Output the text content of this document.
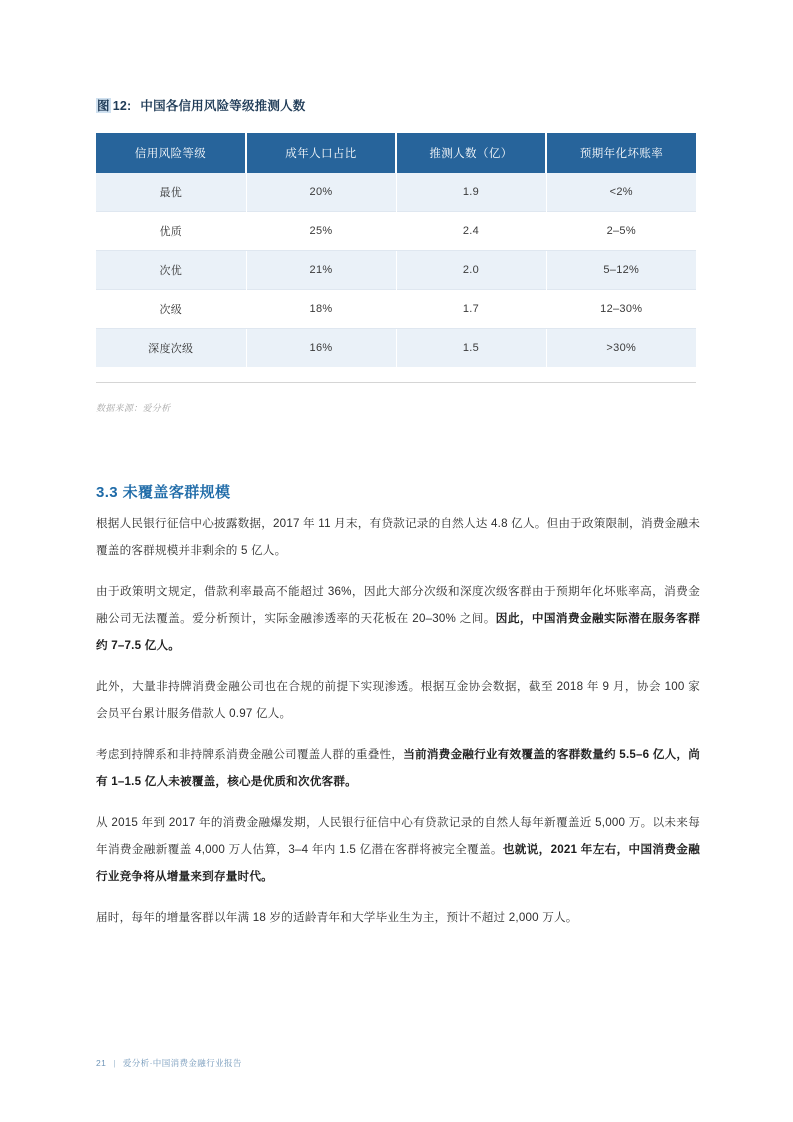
图 12: 中国各信用风险等级推测人数
信用风险等级	成年人口占比	推测人数（亿）	预期年化坏账率
最优	20%	1.9	<2%
优质	25%	2.4	2–5%
次优	21%	2.0	5–12%
次级	18%	1.7	12–30%
深度次级	16%	1.5	>30%
数据来源：爱分析
3.3 未覆盖客群规模

根据人民银行征信中心披露数据，2017 年 11 月末，有贷款记录的自然人达 4.8 亿人。但由于政策限制，消费金融未覆盖的客群规模并非剩余的 5 亿人。

由于政策明文规定，借款利率最高不能超过 36%，因此大部分次级和深度次级客群由于预期年化坏账率高，消费金融公司无法覆盖。爱分析预计，实际金融渗透率的天花板在 20–30% 之间。因此，中国消费金融实际潜在服务客群约 7–7.5 亿人。

此外，大量非持牌消费金融公司也在合规的前提下实现渗透。根据互金协会数据，截至 2018 年 9 月，协会 100 家会员平台累计服务借款人 0.97 亿人。

考虑到持牌系和非持牌系消费金融公司覆盖人群的重叠性，当前消费金融行业有效覆盖的客群数量约 5.5–6 亿人，尚有 1–1.5 亿人未被覆盖，核心是优质和次优客群。

从 2015 年到 2017 年的消费金融爆发期，人民银行征信中心有贷款记录的自然人每年新覆盖近 5,000 万。以未来每年消费金融新覆盖 4,000 万人估算，3–4 年内 1.5 亿潜在客群将被完全覆盖。也就说，2021 年左右，中国消费金融行业竞争将从增量来到存量时代。

届时，每年的增量客群以年满 18 岁的适龄青年和大学毕业生为主，预计不超过 2,000 万人。

21 | 爱分析·中国消费金融行业报告
